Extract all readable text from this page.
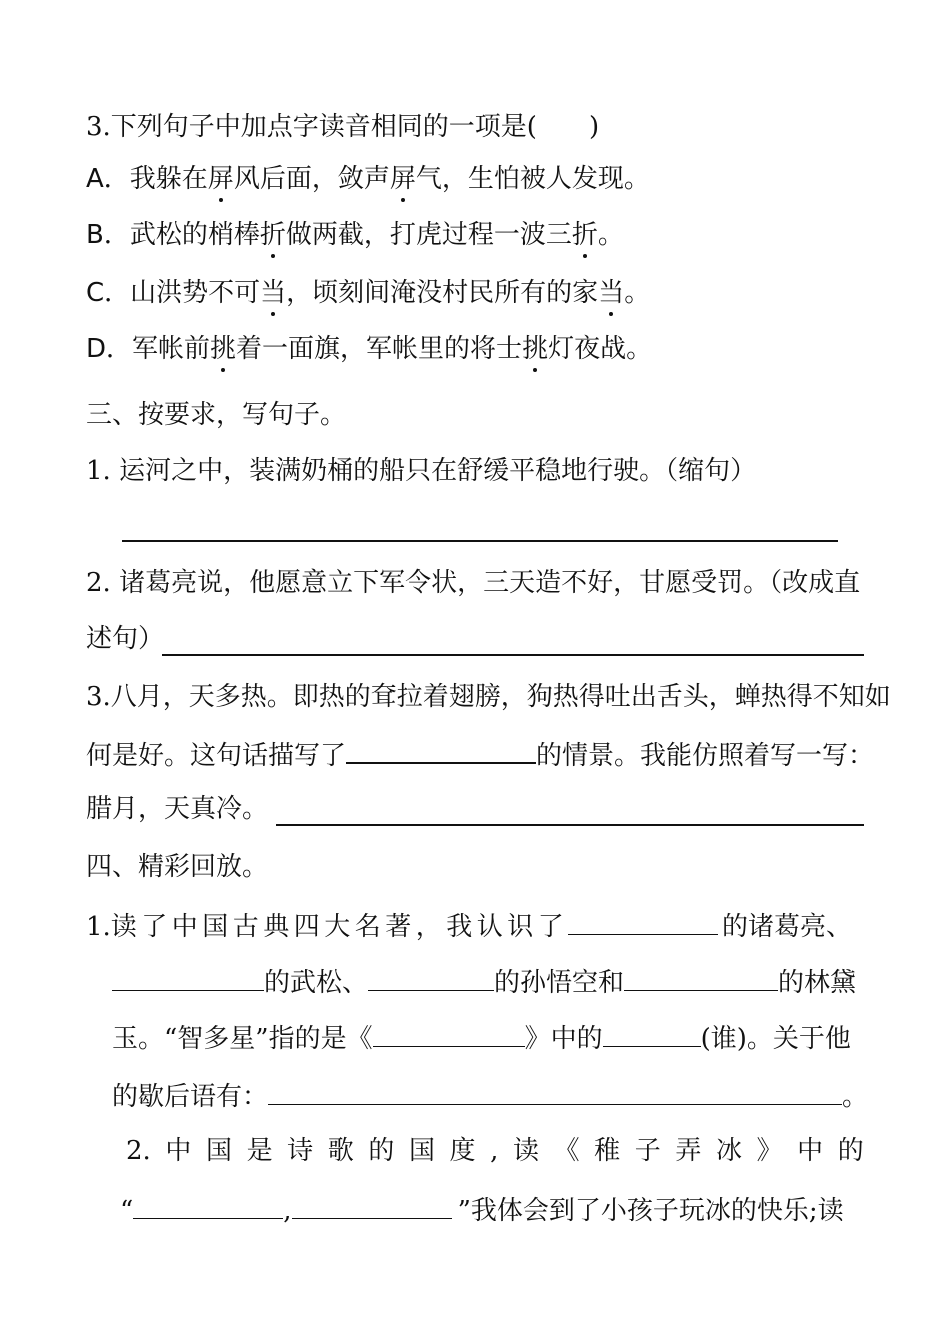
3.下列句子中加点字读音相同的一项是(　　)
A．我躲在屏风后面，敛声屏气，生怕被人发现。
B．武松的梢棒折做两截，打虎过程一波三折。
C．山洪势不可当，顷刻间淹没村民所有的家当。
D．军帐前挑着一面旗，军帐里的将士挑灯夜战。
三、按要求，写句子。
1. 运河之中，装满奶桶的船只在舒缓平稳地行驶。（缩句）
2. 诸葛亮说，他愿意立下军令状，三天造不好，甘愿受罚。（改成直
述句）
3.八月，天多热。即热的耷拉着翅膀，狗热得吐出舌头，蝉热得不知如
何是好。这句话描写了	的情景。我能仿照着写一写：
腊月，天真冷。
四、精彩回放。
1.读 了 中 国 古 典 四 大 名 著 ， 我 认 识 了	的诸葛亮、
的武松、	的孙悟空和	的林黛
玉。“智多星”指的是《	》中的	(谁)。关于他
的歇后语有：	。
2. 中 国 是 诗 歌 的 国 度 , 读 《 稚 子 弄 冰 》 中 的
“	,	”我体会到了小孩子玩冰的快乐;读
